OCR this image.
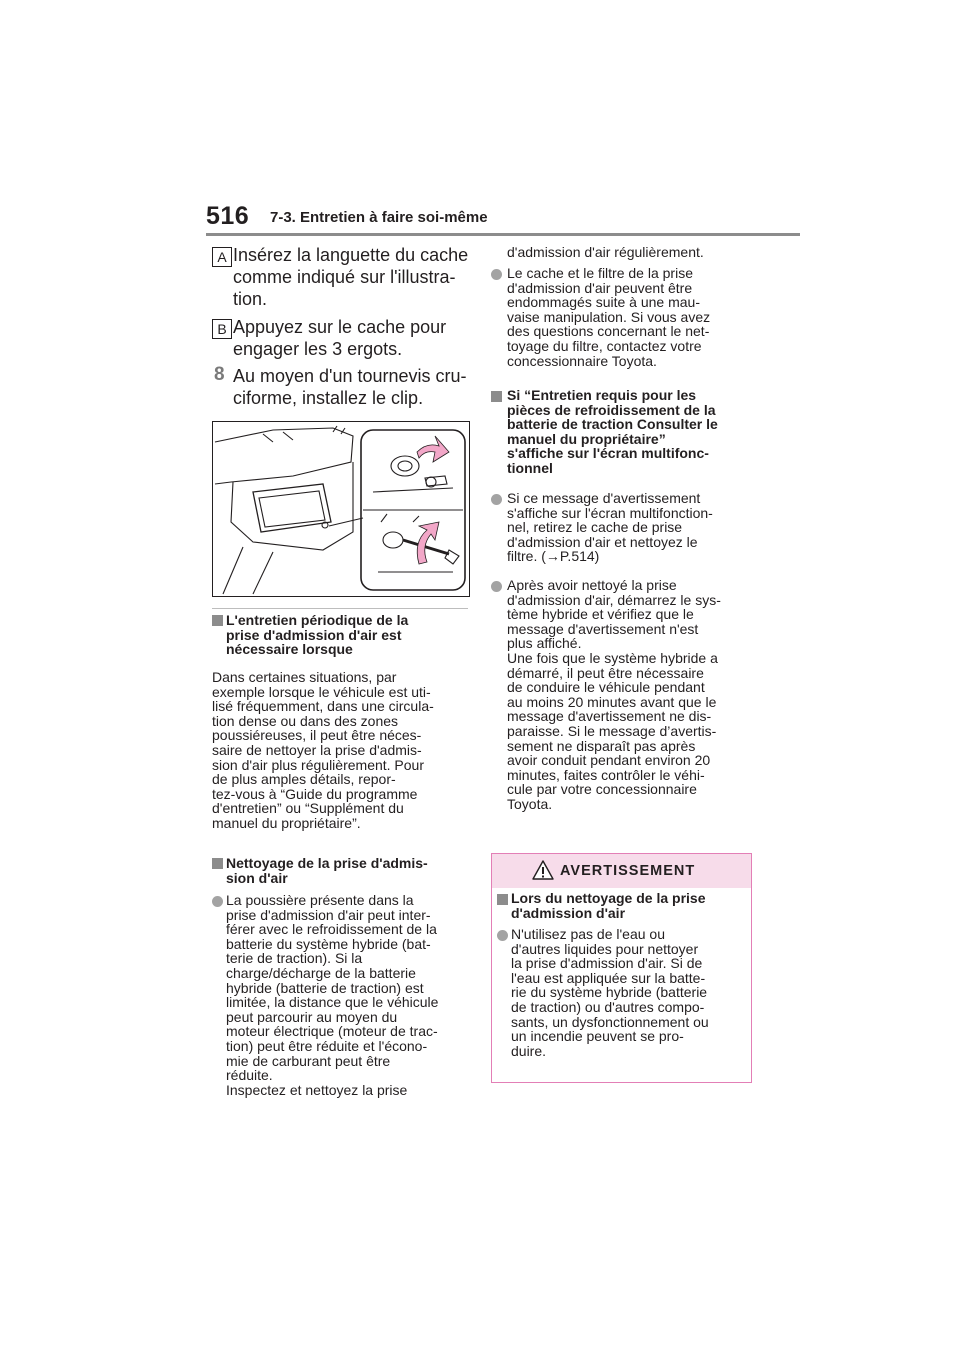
516 7-3. Entretien à faire soi-même
A Insérez la languette du cache
comme indiqué sur l'illustra-
tion.
B Appuyez sur le cache pour
engager les 3 ergots.
8 Au moyen d'un tournevis cru-
ciforme, installez le clip.
L'entretien périodique de la
prise d'admission d'air est
nécessaire lorsque
Dans certaines situations, par
exemple lorsque le véhicule est uti-
lisé fréquemment, dans une circula-
tion dense ou dans des zones
poussiéreuses, il peut être néces-
saire de nettoyer la prise d'admis-
sion d'air plus régulièrement. Pour
de plus amples détails, repor-
tez-vous à “Guide du programme
d'entretien” ou “Supplément du
manuel du propriétaire”.
Nettoyage de la prise d'admis-
sion d'air
La poussière présente dans la
prise d'admission d'air peut inter-
férer avec le refroidissement de la
batterie du système hybride (bat-
terie de traction). Si la
charge/décharge de la batterie
hybride (batterie de traction) est
limitée, la distance que le véhicule
peut parcourir au moyen du
moteur électrique (moteur de trac-
tion) peut être réduite et l'écono-
mie de carburant peut être
réduite.
Inspectez et nettoyez la prise
d'admission d'air régulièrement.
Le cache et le filtre de la prise
d'admission d'air peuvent être
endommagés suite à une mau-
vaise manipulation. Si vous avez
des questions concernant le net-
toyage du filtre, contactez votre
concessionnaire Toyota.
Si “Entretien requis pour les
pièces de refroidissement de la
batterie de traction Consulter le
manuel du propriétaire”
s'affiche sur l'écran multifonc-
tionnel
Si ce message d'avertissement
s'affiche sur l'écran multifonction-
nel, retirez le cache de prise
d'admission d'air et nettoyez le
filtre. (→P.514)
Après avoir nettoyé la prise
d'admission d'air, démarrez le sys-
tème hybride et vérifiez que le
message d'avertissement n'est
plus affiché.
Une fois que le système hybride a
démarré, il peut être nécessaire
de conduire le véhicule pendant
au moins 20 minutes avant que le
message d'avertissement ne dis-
paraisse. Si le message d’avertis-
sement ne disparaît pas après
avoir conduit pendant environ 20
minutes, faites contrôler le véhi-
cule par votre concessionnaire
Toyota.
AVERTISSEMENT
Lors du nettoyage de la prise
d'admission d'air
N'utilisez pas de l'eau ou
d'autres liquides pour nettoyer
la prise d'admission d'air. Si de
l'eau est appliquée sur la batte-
rie du système hybride (batterie
de traction) ou d'autres compo-
sants, un dysfonctionnement ou
un incendie peuvent se pro-
duire.
